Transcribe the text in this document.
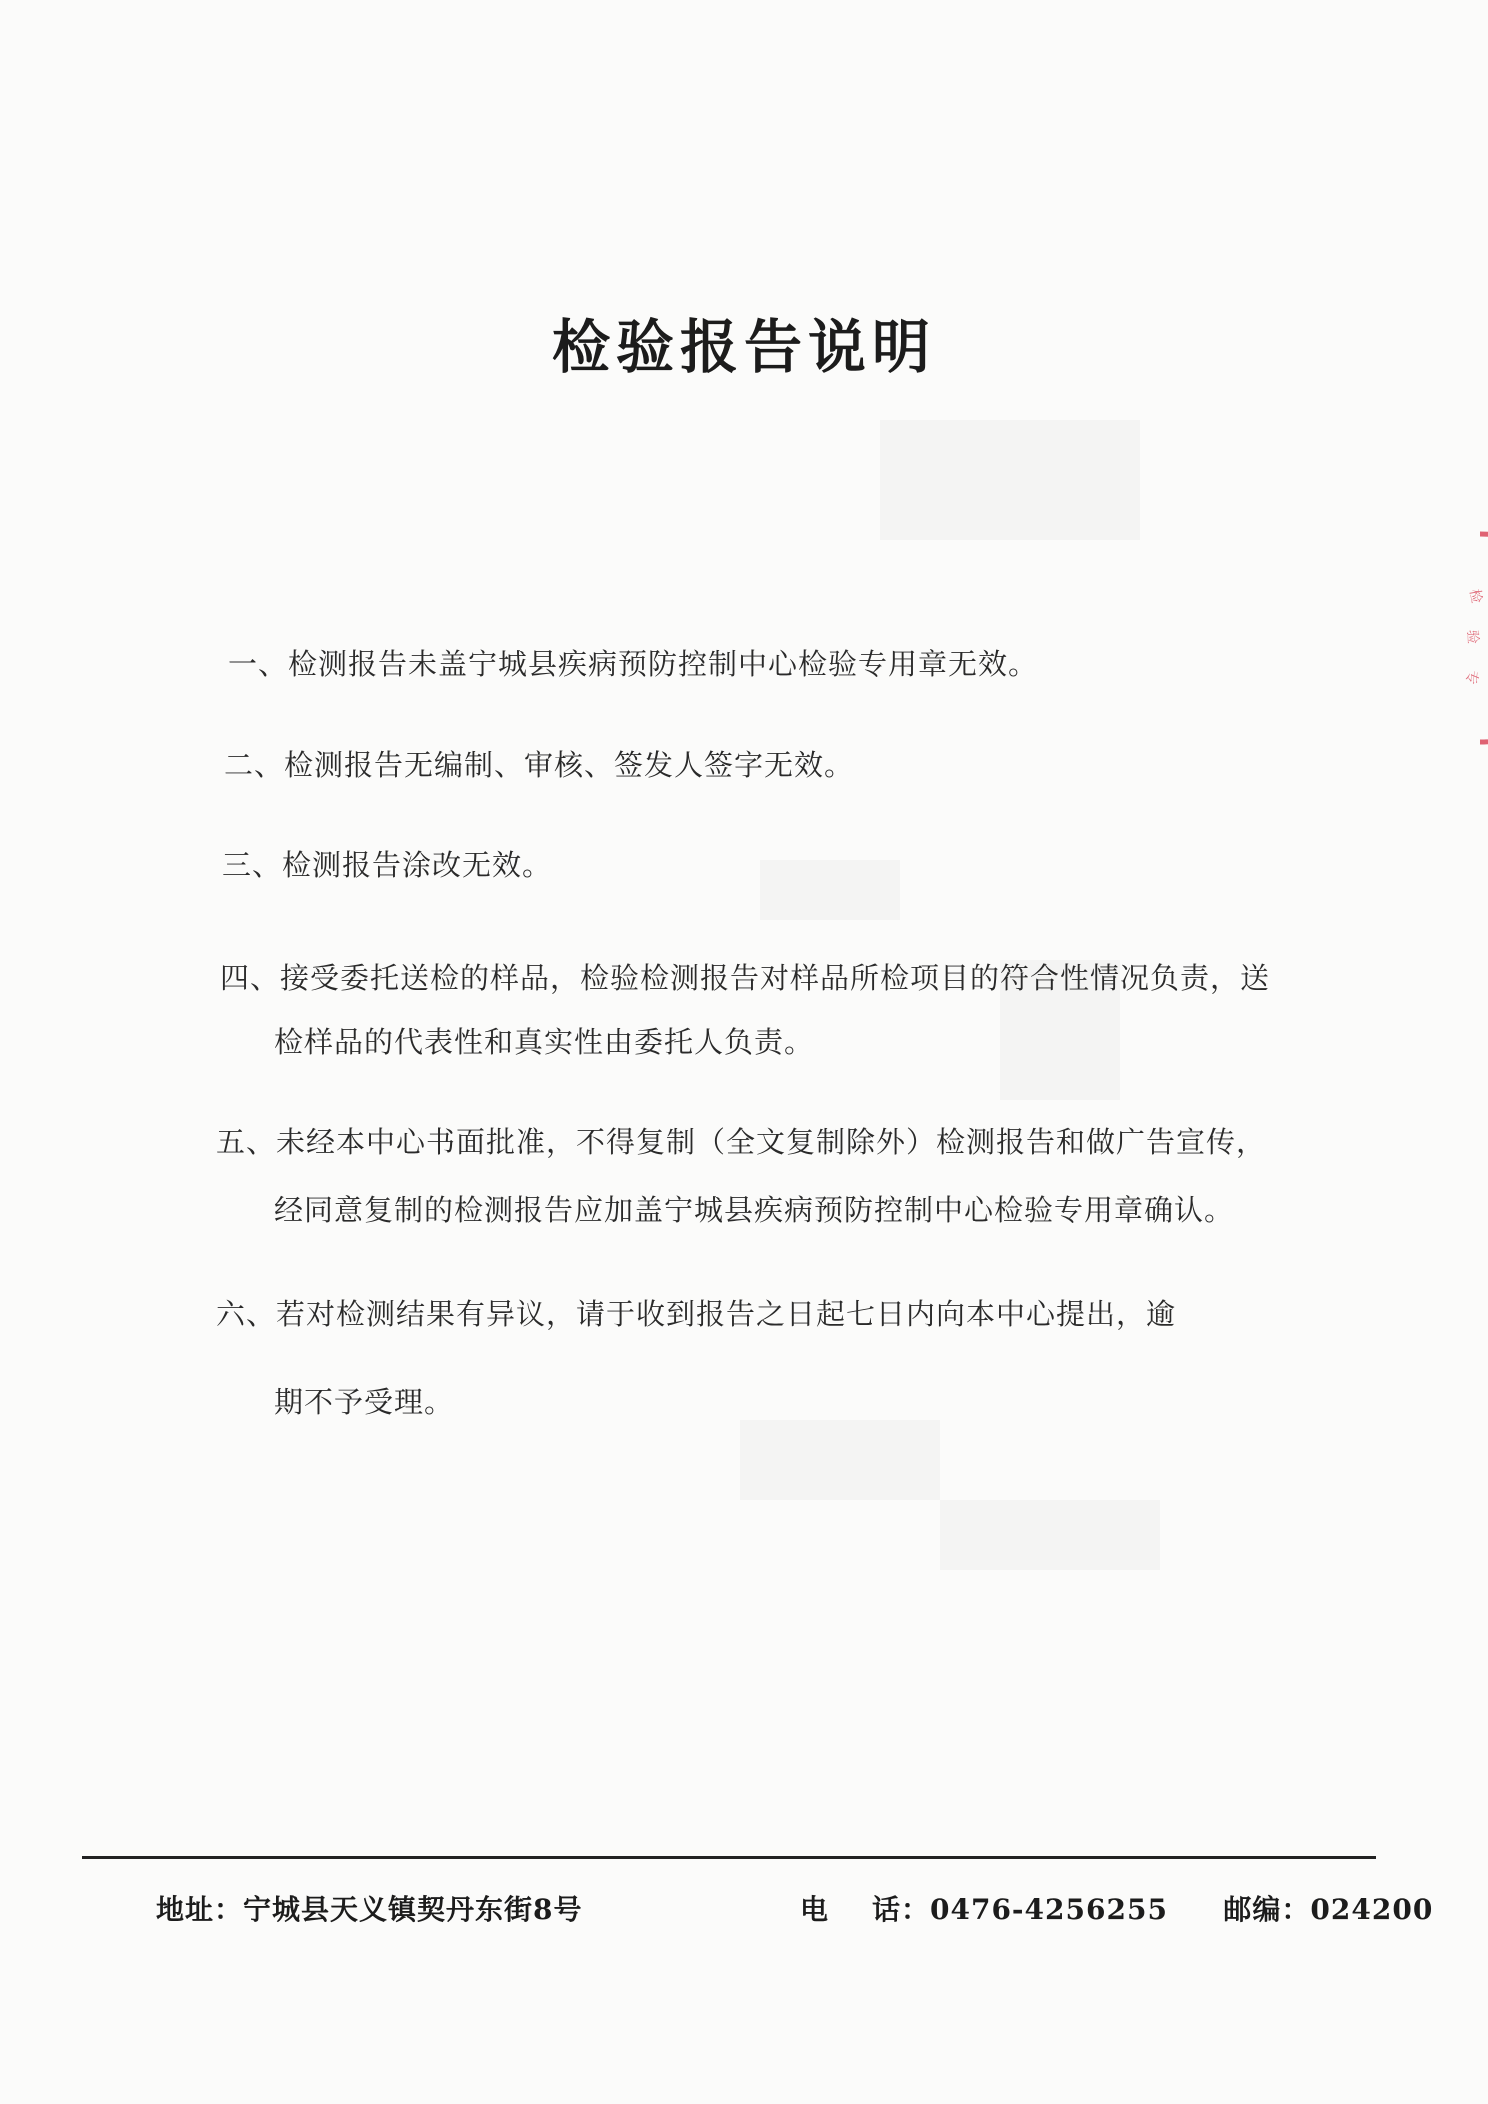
检验报告说明
一、检测报告未盖宁城县疾病预防控制中心检验专用章无效。
二、检测报告无编制、审核、签发人签字无效。
三、检测报告涂改无效。
四、接受委托送检的样品，检验检测报告对样品所检项目的符合性情况负责，送
检样品的代表性和真实性由委托人负责。
五、未经本中心书面批准，不得复制（全文复制除外）检测报告和做广告宣传，
经同意复制的检测报告应加盖宁城县疾病预防控制中心检验专用章确认。
六、若对检测结果有异议，请于收到报告之日起七日内向本中心提出，逾
期不予受理。
地址：宁城县天义镇契丹东街8号	电    话：0476-4256255 邮编：024200
检
验
专
